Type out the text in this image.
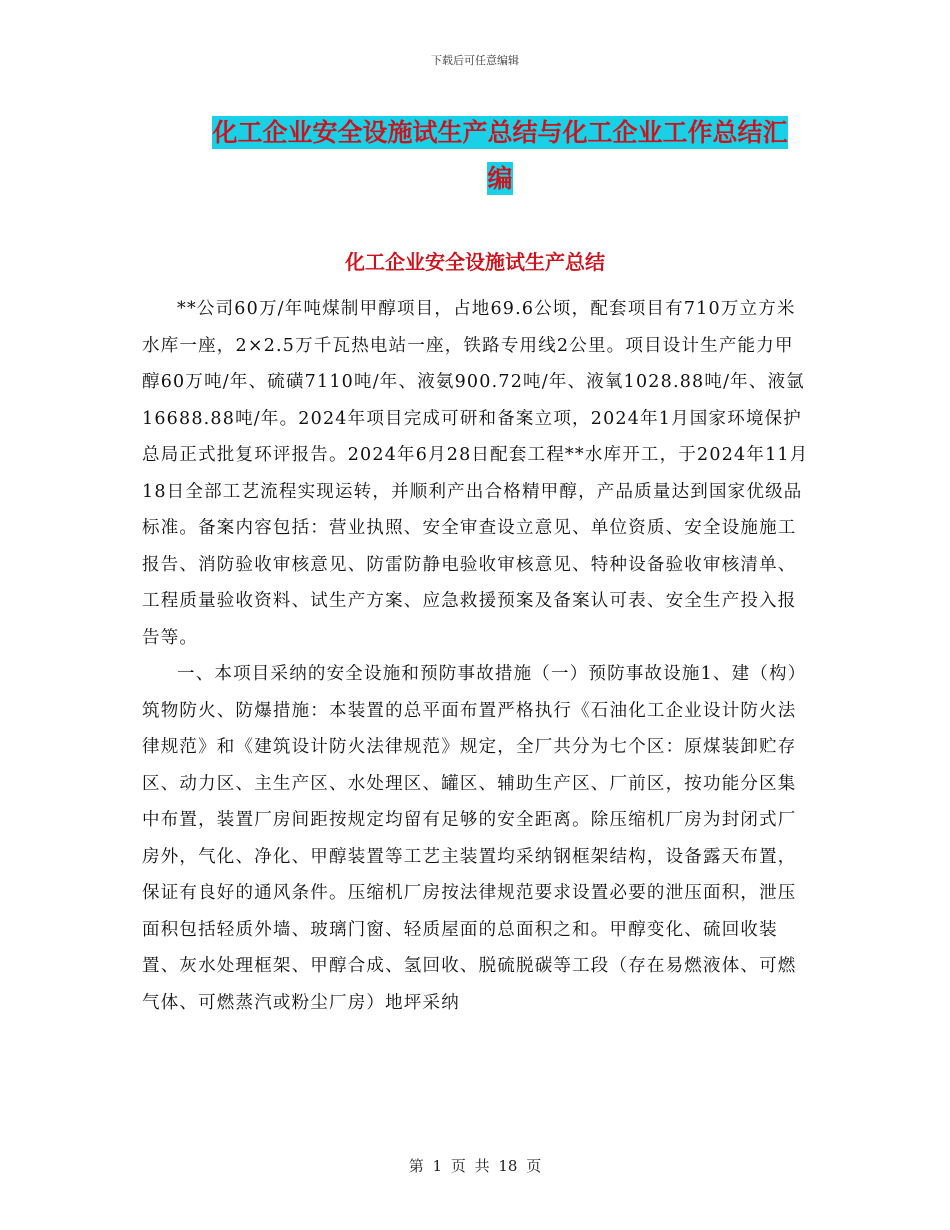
下载后可任意编辑
化工企业安全设施试生产总结与化工企业工作总结汇
编
化工企业安全设施试生产总结

**公司60万/年吨煤制甲醇项目，占地69.6公顷，配套项目有710万立方米水库一座，2×2.5万千瓦热电站一座，铁路专用线2公里。项目设计生产能力甲醇60万吨/年、硫磺7110吨/年、液氨900.72吨/年、液氧1028.88吨/年、液氩16688.88吨/年。2024年项目完成可研和备案立项，2024年1月国家环境保护总局正式批复环评报告。2024年6月28日配套工程**水库开工，于2024年11月18日全部工艺流程实现运转，并顺利产出合格精甲醇，产品质量达到国家优级品标准。备案内容包括：营业执照、安全审查设立意见、单位资质、安全设施施工报告、消防验收审核意见、防雷防静电验收审核意见、特种设备验收审核清单、工程质量验收资料、试生产方案、应急救援预案及备案认可表、安全生产投入报告等。

一、本项目采纳的安全设施和预防事故措施（一）预防事故设施1、建（构）筑物防火、防爆措施：本装置的总平面布置严格执行《石油化工企业设计防火法律规范》和《建筑设计防火法律规范》规定，全厂共分为七个区：原煤装卸贮存区、动力区、主生产区、水处理区、罐区、辅助生产区、厂前区，按功能分区集中布置，装置厂房间距按规定均留有足够的安全距离。除压缩机厂房为封闭式厂房外，气化、净化、甲醇装置等工艺主装置均采纳钢框架结构，设备露天布置，保证有良好的通风条件。压缩机厂房按法律规范要求设置必要的泄压面积，泄压面积包括轻质外墙、玻璃门窗、轻质屋面的总面积之和。甲醇变化、硫回收装置、灰水处理框架、甲醇合成、氢回收、脱硫脱碳等工段（存在易燃液体、可燃气体、可燃蒸汽或粉尘厂房）地坪采纳

第 1 页 共 18 页
